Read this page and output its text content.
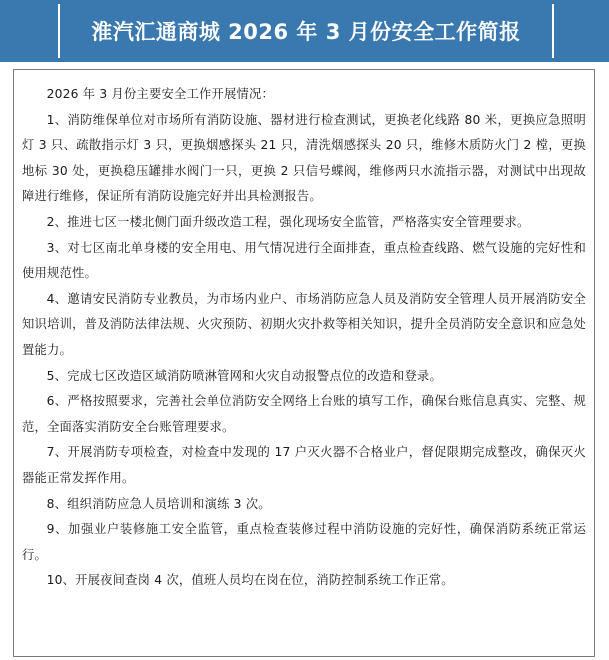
淮汽汇通商城 2026 年 3 月份安全工作简报

2026 年 3 月份主要安全工作开展情况：

1、消防维保单位对市场所有消防设施、器材进行检查测试，更换老化线路 80 米，更换应急照明灯 3 只、疏散指示灯 3 只，更换烟感探头 21 只，清洗烟感探头 20 只，维修木质防火门 2 樘，更换地标 30 处，更换稳压罐排水阀门一只，更换 2 只信号蝶阀，维修两只水流指示器，对测试中出现故障进行维修，保证所有消防设施完好并出具检测报告。

2、推进七区一楼北侧门面升级改造工程，强化现场安全监管，严格落实安全管理要求。

3、对七区南北单身楼的安全用电、用气情况进行全面排查，重点检查线路、燃气设施的完好性和使用规范性。

4、邀请安民消防专业教员，为市场内业户、市场消防应急人员及消防安全管理人员开展消防安全知识培训，普及消防法律法规、火灾预防、初期火灾扑救等相关知识，提升全员消防安全意识和应急处置能力。

5、完成七区改造区域消防喷淋管网和火灾自动报警点位的改造和登录。

6、严格按照要求，完善社会单位消防安全网络上台账的填写工作，确保台账信息真实、完整、规范，全面落实消防安全台账管理要求。

7、开展消防专项检查，对检查中发现的 17 户灭火器不合格业户，督促限期完成整改，确保灭火器能正常发挥作用。

8、组织消防应急人员培训和演练 3 次。

9、加强业户装修施工安全监管，重点检查装修过程中消防设施的完好性，确保消防系统正常运行。

10、开展夜间查岗 4 次，值班人员均在岗在位，消防控制系统工作正常。
